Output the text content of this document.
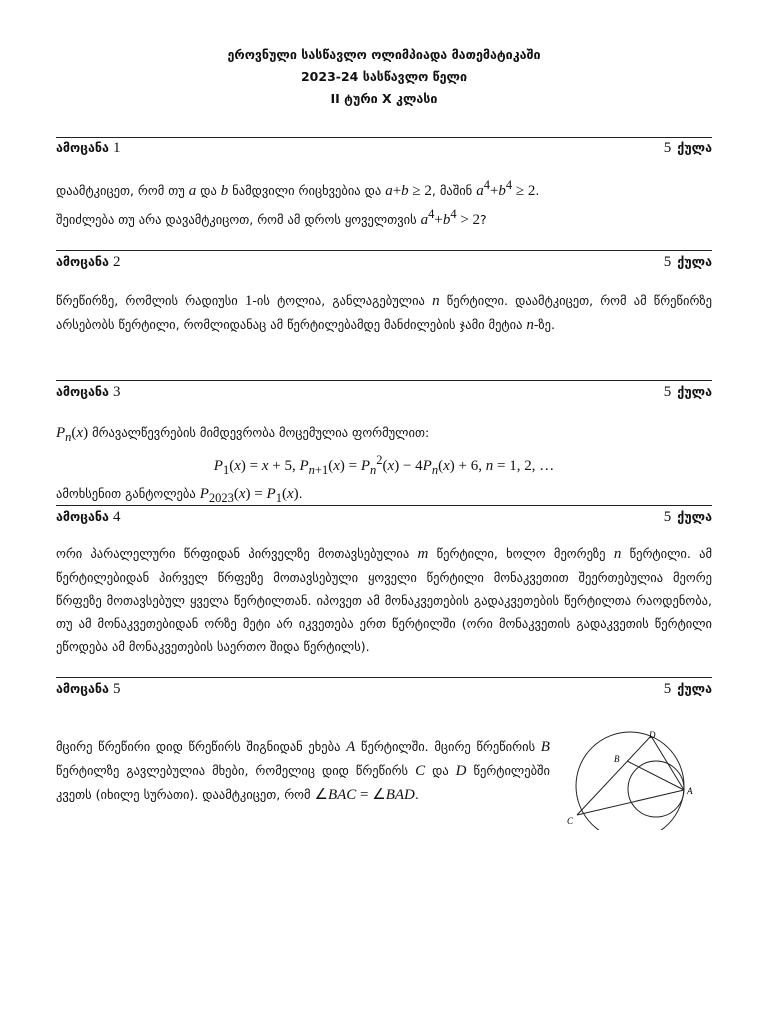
ეროვნული სასწავლო ოლიმპიადა მათემატიკაში
2023-24 სასწავლო წელი
II ტური X კლასი
ამოცანა 1	5 ქულა
დაამტკიცეთ, რომ თუ a და b ნამდვილი რიცხვებია და a+b ≥ 2, მაშინ $a^4+b^4 \ge 2$.
შეიძლება თუ არა დავამტკიცოთ, რომ ამ დროს ყოველთვის $a^4+b^4 > 2$?
ამოცანა 2	5 ქულა
წრეწირზე, რომლის რადიუსი 1-ის ტოლია, განლაგებულია n წერტილი. დაამტკიცეთ, რომ ამ წრეწირზე არსებობს წერტილი, რომლიდანაც ამ წერტილებამდე მანძილების ჯამი მეტია n-ზე.
ამოცანა 3	5 ქულა
$P_n(x)$ მრავალწევრების მიმდევრობა მოცემულია ფორმულით:
$P_1(x) = x + 5$, $P_{n+1}(x) = P_n^2(x) - 4P_n(x) + 6$, n = 1, 2, …
ამოხსენით განტოლება $P_{2023}(x) = P_1(x)$.
ამოცანა 4	5 ქულა
ორი პარალელური წრფიდან პირველზე მოთავსებულია m წერტილი, ხოლო მეორეზე n წერტილი. ამ წერტილებიდან პირველ წრფეზე მოთავსებული ყოველი წერტილი მონაკვეთით შეერთებულია მეორე წრფეზე მოთავსებულ ყველა წერტილთან. იპოვეთ ამ მონაკვეთების გადაკვეთების წერტილთა რაოდენობა, თუ ამ მონაკვეთებიდან ორზე მეტი არ იკვეთება ერთ წერტილში (ორი მონაკვეთის გადაკვეთის წერტილი ეწოდება ამ მონაკვეთების საერთო შიდა წერტილს).
ამოცანა 5	5 ქულა
მცირე წრეწირი დიდ წრეწირს შიგნიდან ეხება A წერტილში. მცირე წრეწირის B წერტილზე გავლებულია მხები, რომელიც დიდ წრეწირს C და D წერტილებში კვეთს (იხილე სურათი). დაამტკიცეთ, რომ ∠BAC = ∠BAD.
D
B
A
C
